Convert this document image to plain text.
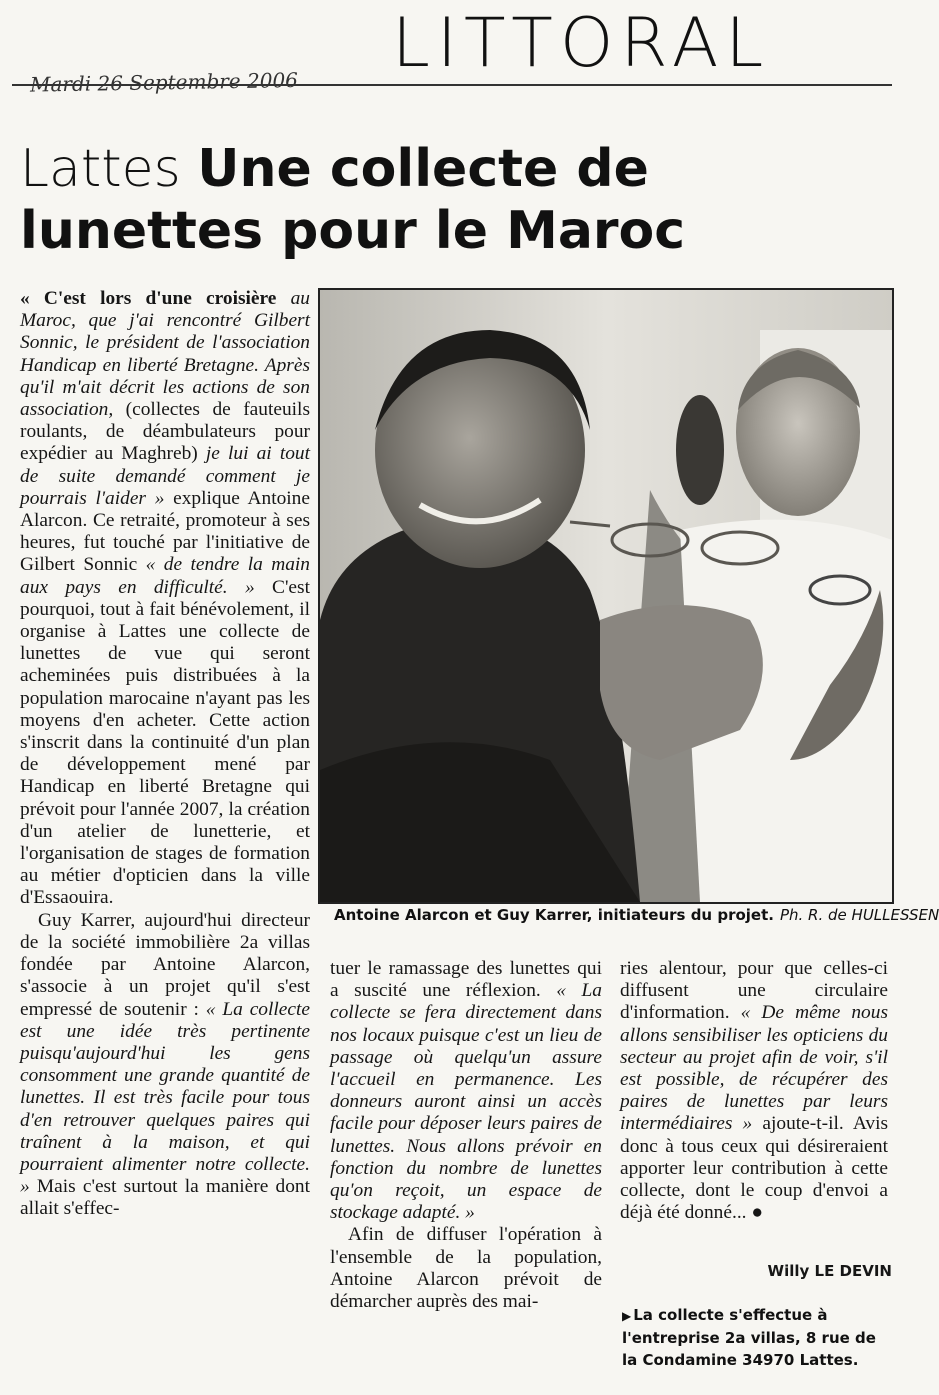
LITTORAL
Mardi 26 Septembre 2006
Lattes Une collecte de lunettes pour le Maroc

« C'est lors d'une croisière au Maroc, que j'ai rencontré Gilbert Sonnic, le président de l'association Handicap en liberté Bretagne. Après qu'il m'ait décrit les actions de son association, (collectes de fauteuils roulants, de déambulateurs pour expédier au Maghreb) je lui ai tout de suite demandé comment je pourrais l'aider » explique Antoine Alarcon. Ce retraité, promoteur à ses heures, fut touché par l'initiative de Gilbert Sonnic « de tendre la main aux pays en difficulté. » C'est pourquoi, tout à fait bénévolement, il organise à Lattes une collecte de lunettes de vue qui seront acheminées puis distribuées à la population marocaine n'ayant pas les moyens d'en acheter. Cette action s'inscrit dans la continuité d'un plan de développement mené par Handicap en liberté Bretagne qui prévoit pour l'année 2007, la création d'un atelier de lunetterie, et l'organisation de stages de formation au métier d'opticien dans la ville d'Essaouira.

Guy Karrer, aujourd'hui directeur de la société immobilière 2a villas fondée par Antoine Alarcon, s'associe à un projet qu'il s'est empressé de soutenir : « La collecte est une idée très pertinente puisqu'aujourd'hui les gens consomment une grande quantité de lunettes. Il est très facile pour tous d'en retrouver quelques paires qui traînent à la maison, et qui pourraient alimenter notre collecte. » Mais c'est surtout la manière dont allait s'effec-

Antoine Alarcon et Guy Karrer, initiateurs du projet. Ph. R. de HULLESSEN

tuer le ramassage des lunettes qui a suscité une réflexion. « La collecte se fera directement dans nos locaux puisque c'est un lieu de passage où quelqu'un assure l'accueil en permanence. Les donneurs auront ainsi un accès facile pour déposer leurs paires de lunettes. Nous allons prévoir en fonction du nombre de lunettes qu'on reçoit, un espace de stockage adapté. »

Afin de diffuser l'opération à l'ensemble de la population, Antoine Alarcon prévoit de démarcher auprès des mai-

ries alentour, pour que celles-ci diffusent une circulaire d'information. « De même nous allons sensibiliser les opticiens du secteur au projet afin de voir, s'il est possible, de récupérer des paires de lunettes par leurs intermédiaires » ajoute-t-il. Avis donc à tous ceux qui désireraient apporter leur contribution à cette collecte, dont le coup d'envoi a déjà été donné... ●

Willy LE DEVIN
▶ La collecte s'effectue à l'entreprise 2a villas, 8 rue de la Condamine 34970 Lattes.
